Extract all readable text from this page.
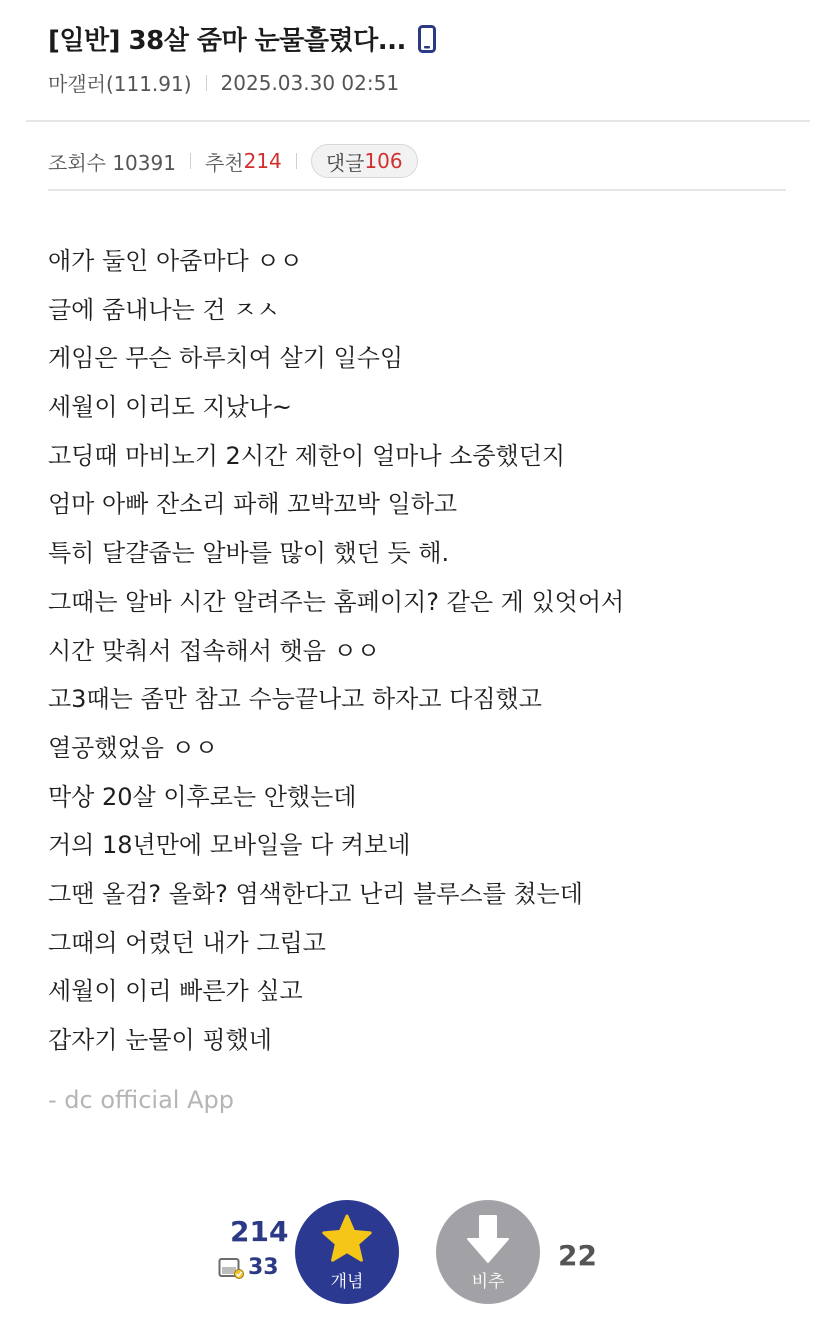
[일반] 38살 줌마 눈물흘렸다...
마갤러(111.91) 2025.03.30 02:51
조회수 10391 추천 214 댓글 106
애가 둘인 아줌마다 ㅇㅇ
글에 줌내나는 건 ㅈㅅ
게임은 무슨 하루치여 살기 일수임
세월이 이리도 지났나~
고딩때 마비노기 2시간 제한이 얼마나 소중했던지
엄마 아빠 잔소리 파해 꼬박꼬박 일하고
특히 달걀줍는 알바를 많이 했던 듯 해.
그때는 알바 시간 알려주는 홈페이지? 같은 게 있엇어서
시간 맞춰서 접속해서 햇음 ㅇㅇ
고3때는 좀만 참고 수능끝나고 하자고 다짐했고
열공했었음 ㅇㅇ
막상 20살 이후로는 안했는데
거의 18년만에 모바일을 다 켜보네
그땐 올검? 올화? 염색한다고 난리 블루스를 쳤는데
그때의 어렸던 내가 그립고
세월이 이리 빠른가 싶고
갑자기 눈물이 핑했네
- dc official App
214
33
개념	비추
22
